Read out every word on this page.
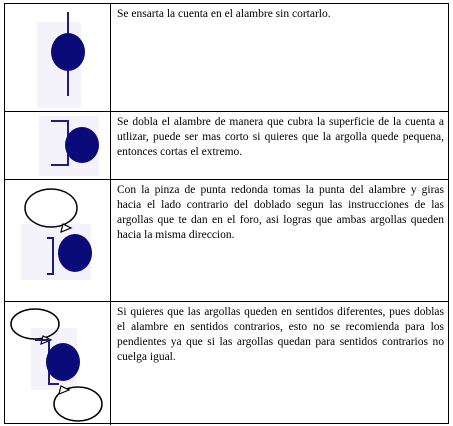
Se ensarta la cuenta en el alambre sin cortarlo.
Se dobla el alambre de manera que cubra la superficie de la cuenta a utlizar, puede ser mas corto si quieres que la argolla quede pequena, entonces cortas el extremo.
Con la pinza de punta redonda tomas la punta del alambre y giras hacia el lado contrario del doblado segun las instrucciones de las argollas que te dan en el foro, asi logras que ambas argollas queden hacia la misma direccion.
Si quieres que las argollas queden en sentidos diferentes, pues doblas el alambre en sentidos contrarios, esto no se recomienda para los pendientes ya que si las argollas quedan para sentidos contrarios no cuelga igual.
